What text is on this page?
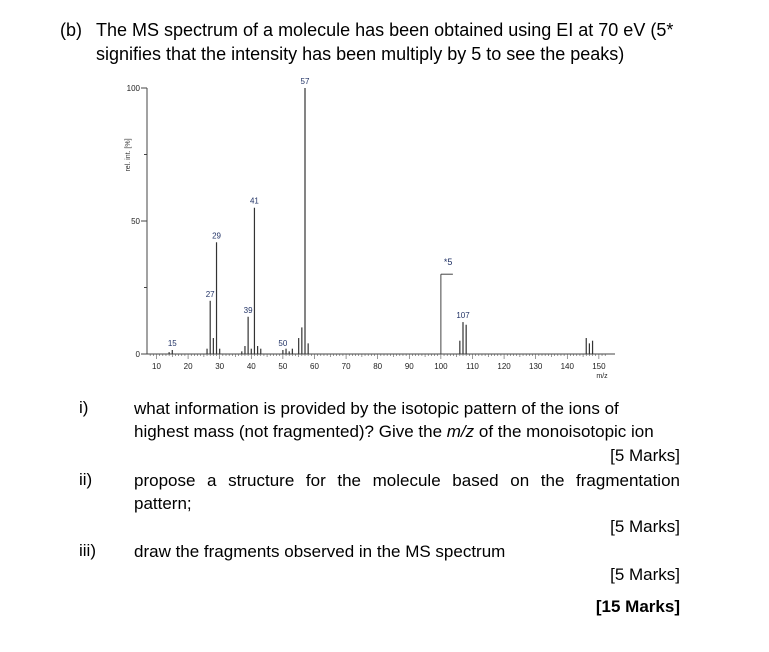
(b) The MS spectrum of a molecule has been obtained using EI at 70 eV (5*
signifies that the intensity has been multiply by 5 to see the peaks)
0
50
100
rel. int. [%]
10	20	30	40	50	60	70	80	90	100 110 120 130 140 150
m/z
15
27
29
39
41
50
57
107
*5
i)	what information is provided by the isotopic pattern of the ions of
highest mass (not fragmented)? Give the m/z of the monoisotopic ion
[5 Marks]
ii) propose a structure for the molecule based on the fragmentation pattern;
[5 Marks]
iii) draw the fragments observed in the MS spectrum
[5 Marks]
[15 Marks]
